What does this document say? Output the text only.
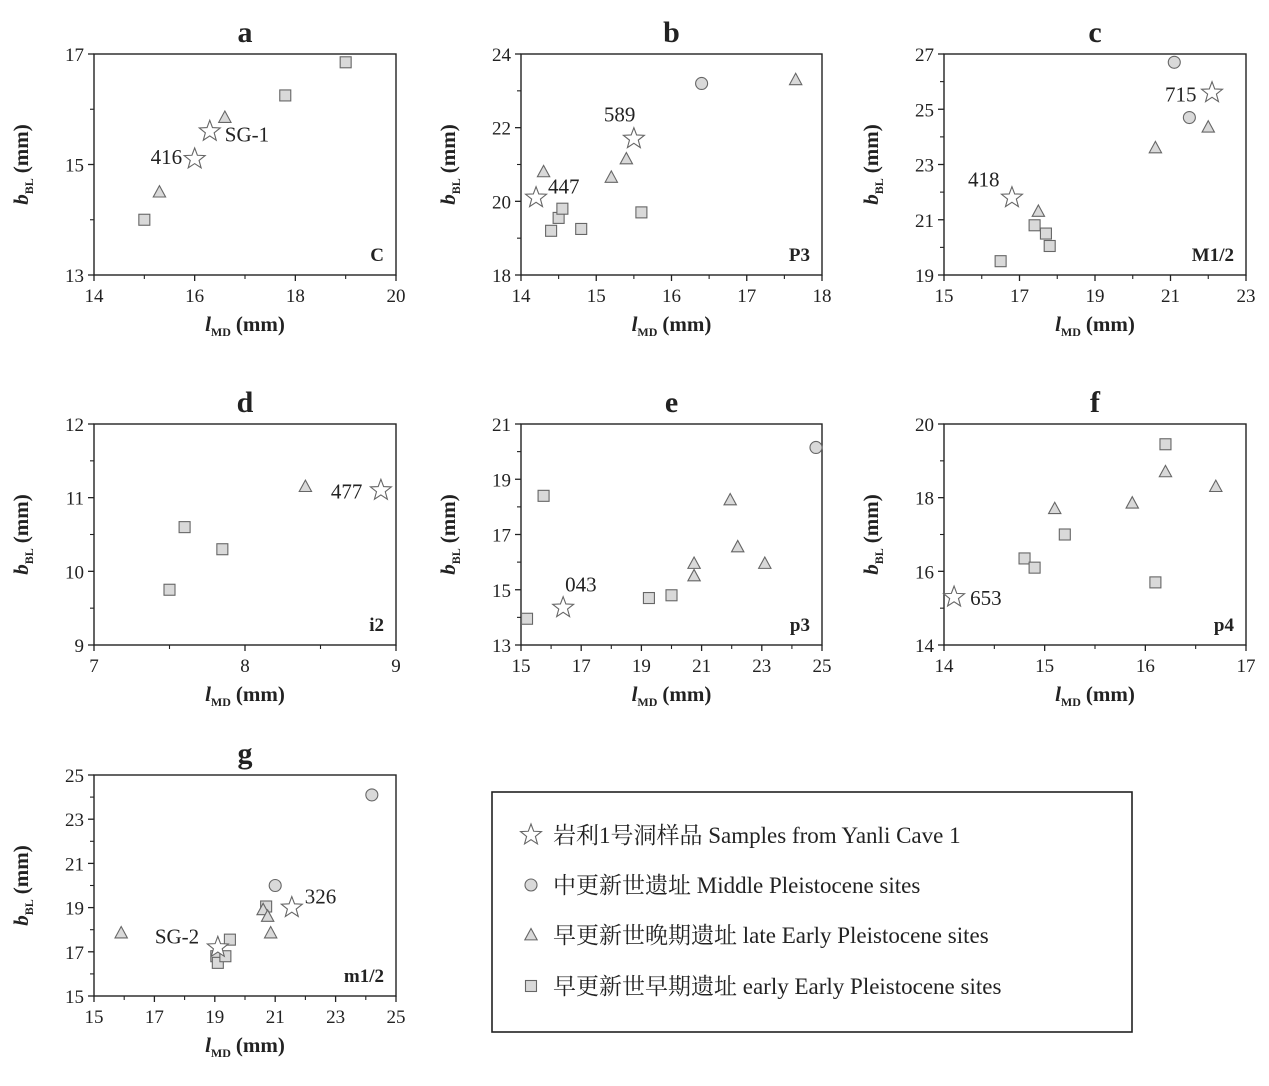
a
14	16	18	20
13
15
17
$l_{MD}$ (mm)
$b_{BL}(mm)$
C
416
SG-1
b
14	15	16	17	18
18
20
22
24
$l_{MD}$ (mm)
$b_{BL}(mm)$
P3
447
589
c
15	17	19	21	23
19
21
23
25
27
$l_{MD}$ (mm)
$b_{BL}(mm)$
M1/2
418
715
d
7	8	9
9
10
11
12
$l_{MD}$ (mm)
$b_{BL}(mm)$
i2
477
e
15 17 19 21 23 25
13
15
17
19
21
$l_{MD}$ (mm)
$b_{BL}(mm)$
p3
043
f
14	15	16	17
14
16
18
20
$l_{MD}$ (mm)
$b_{BL}(mm)$
p4
653
g
15 17 19 21 23 25
15
17
19
21
23
25
$l_{MD}$ (mm)
$b_{BL}(mm)$
m1/2
SG-2
326
岩利1号洞样品 Samples from Yanli Cave 1
中更新世遗址 Middle Pleistocene sites
早更新世晚期遗址 late Early Pleistocene sites
早更新世早期遗址 early Early Pleistocene sites
